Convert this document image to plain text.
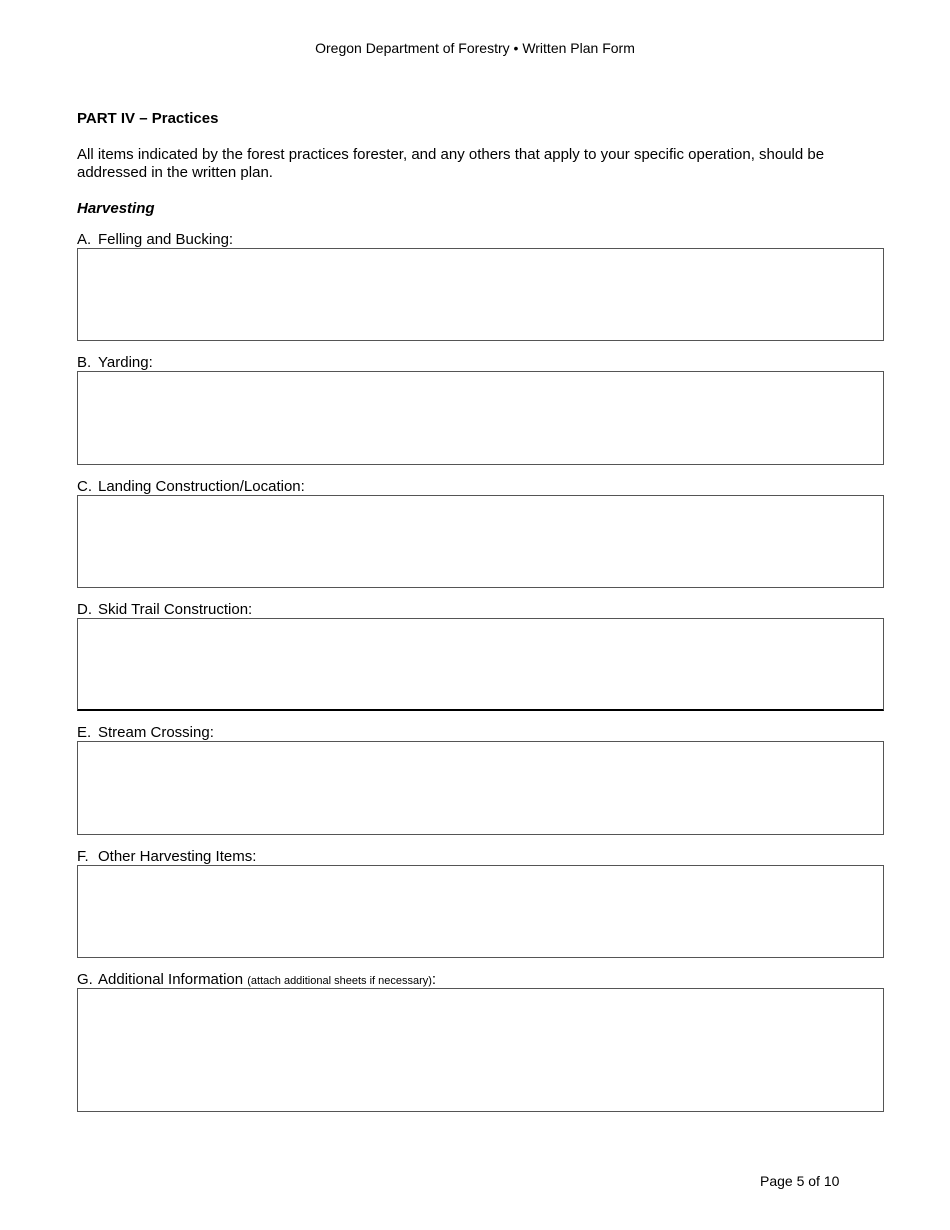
Oregon Department of Forestry • Written Plan Form
PART IV – Practices
All items indicated by the forest practices forester, and any others that apply to your specific operation, should be addressed in the written plan.
Harvesting
A. Felling and Bucking:
B. Yarding:
C. Landing Construction/Location:
D. Skid Trail Construction:
E. Stream Crossing:
F. Other Harvesting Items:
G. Additional Information (attach additional sheets if necessary):
Page 5 of 10
